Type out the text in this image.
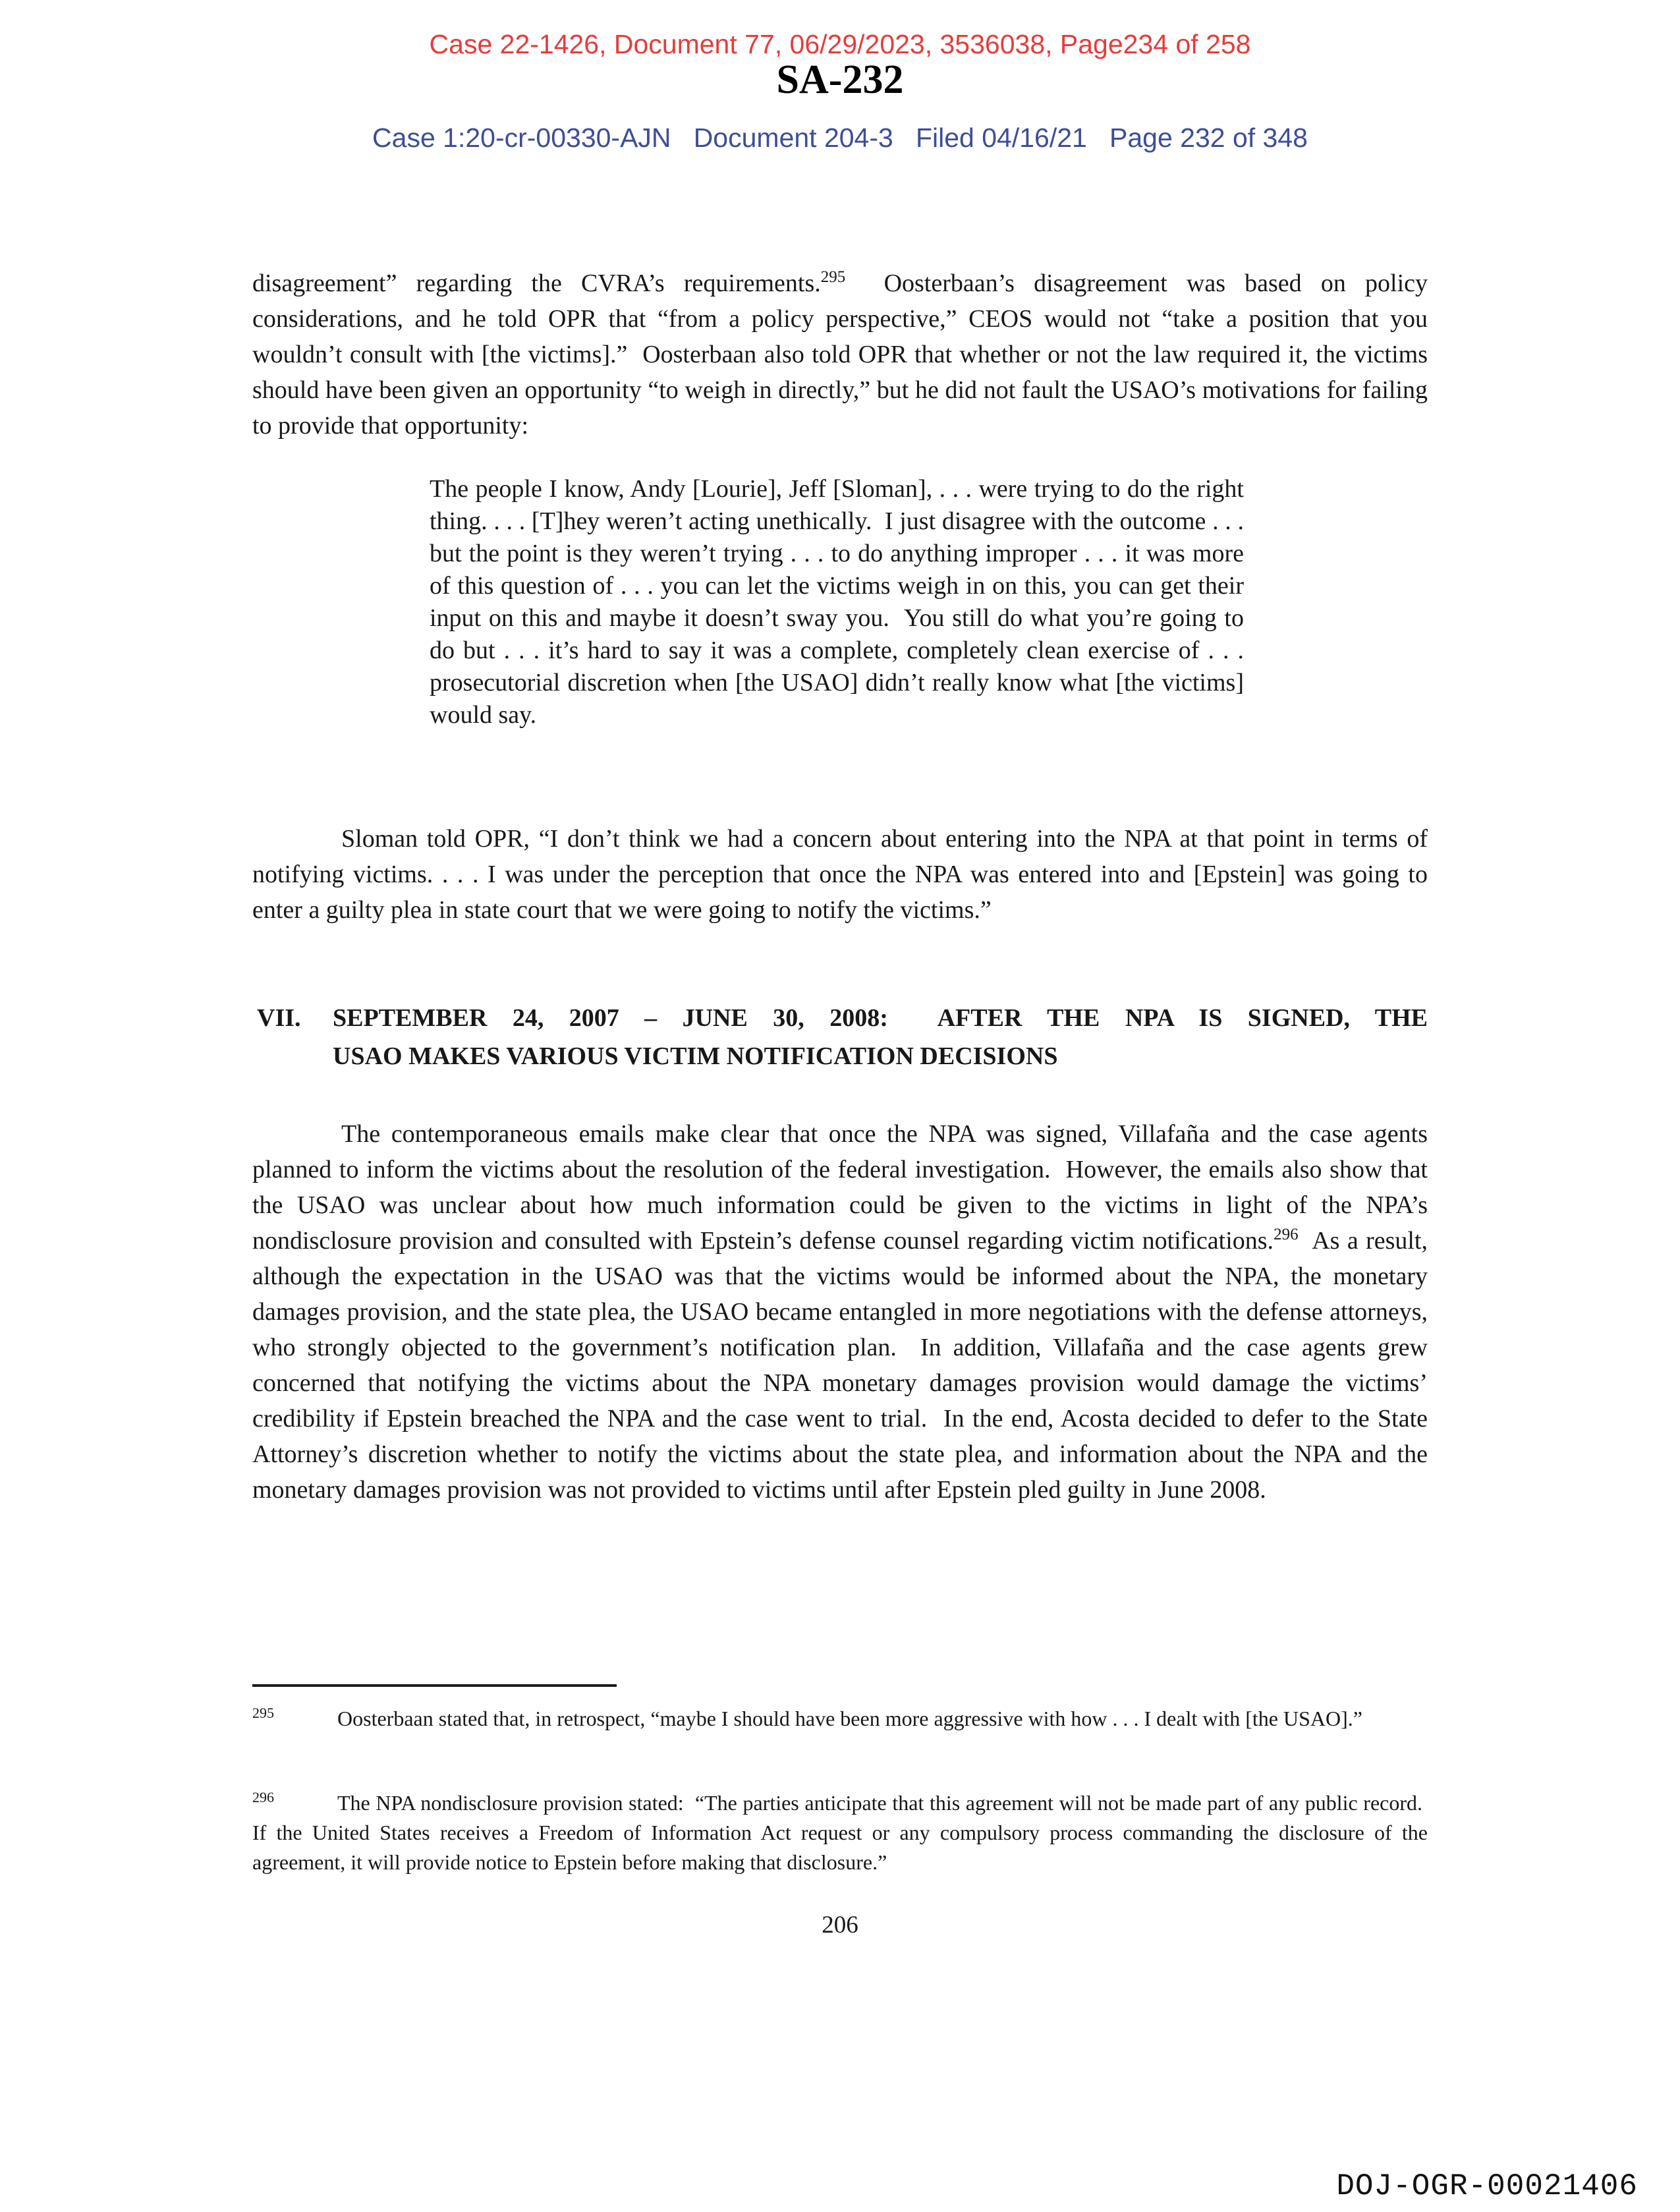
Case 22-1426, Document 77, 06/29/2023, 3536038, Page234 of 258
SA-232
Case 1:20-cr-00330-AJN   Document 204-3   Filed 04/16/21   Page 232 of 348

disagreement” regarding the CVRA’s requirements.$^{295}$  Oosterbaan’s disagreement was based on policy considerations, and he told OPR that “from a policy perspective,” CEOS would not “take a position that you wouldn’t consult with [the victims].”  Oosterbaan also told OPR that whether or not the law required it, the victims should have been given an opportunity “to weigh in directly,” but he did not fault the USAO’s motivations for failing to provide that opportunity:

The people I know, Andy [Lourie], Jeff [Sloman], . . . were trying to do the right thing. . . . [T]hey weren’t acting unethically.  I just disagree with the outcome . . . but the point is they weren’t trying . . . to do anything improper . . . it was more of this question of . . . you can let the victims weigh in on this, you can get their input on this and maybe it doesn’t sway you.  You still do what you’re going to do but . . . it’s hard to say it was a complete, completely clean exercise of . . . prosecutorial discretion when [the USAO] didn’t really know what [the victims] would say.

Sloman told OPR, “I don’t think we had a concern about entering into the NPA at that point in terms of notifying victims. . . . I was under the perception that once the NPA was entered into and [Epstein] was going to enter a guilty plea in state court that we were going to notify the victims.”

VII. SEPTEMBER 24, 2007 – JUNE 30, 2008:  AFTER THE NPA IS SIGNED, THE
USAO MAKES VARIOUS VICTIM NOTIFICATION DECISIONS

The contemporaneous emails make clear that once the NPA was signed, Villafaña and the case agents planned to inform the victims about the resolution of the federal investigation.  However, the emails also show that the USAO was unclear about how much information could be given to the victims in light of the NPA’s nondisclosure provision and consulted with Epstein’s defense counsel regarding victim notifications.$^{296}$  As a result, although the expectation in the USAO was that the victims would be informed about the NPA, the monetary damages provision, and the state plea, the USAO became entangled in more negotiations with the defense attorneys, who strongly objected to the government’s notification plan.  In addition, Villafaña and the case agents grew concerned that notifying the victims about the NPA monetary damages provision would damage the victims’ credibility if Epstein breached the NPA and the case went to trial.  In the end, Acosta decided to defer to the State Attorney’s discretion whether to notify the victims about the state plea, and information about the NPA and the monetary damages provision was not provided to victims until after Epstein pled guilty in June 2008.

$^{295}$	Oosterbaan stated that, in retrospect, “maybe I should have been more aggressive with how . . . I dealt with [the USAO].”

$^{296}$	The NPA nondisclosure provision stated:  “The parties anticipate that this agreement will not be made part of any public record.  If the United States receives a Freedom of Information Act request or any compulsory process commanding the disclosure of the agreement, it will provide notice to Epstein before making that disclosure.”

206
DOJ-OGR-00021406
